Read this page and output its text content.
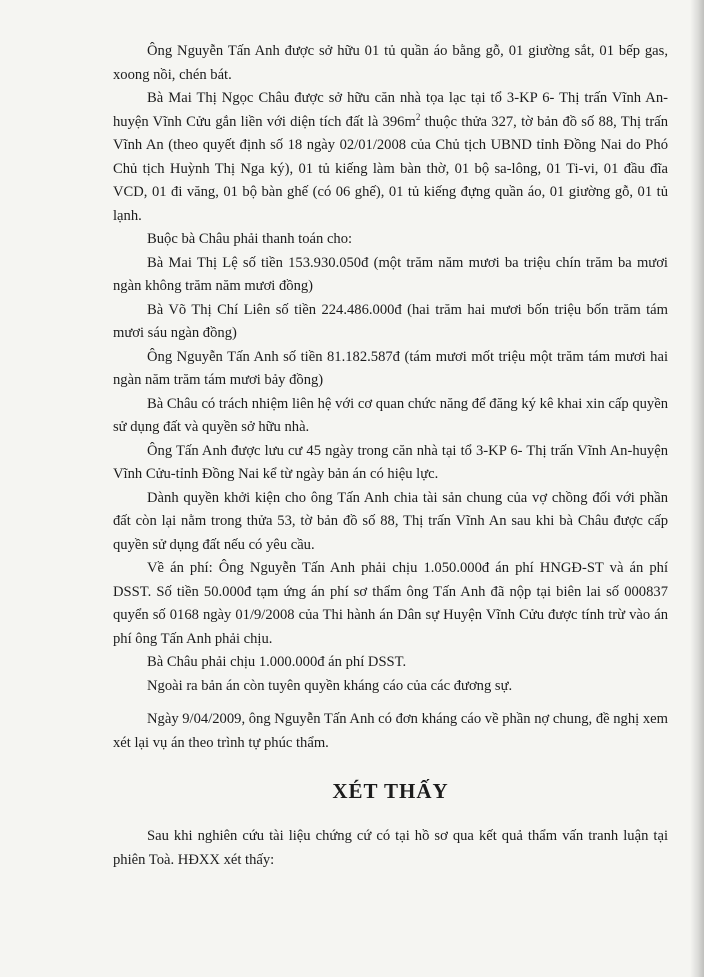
Ông Nguyễn Tấn Anh được sở hữu 01 tủ quần áo bằng gỗ, 01 giường sắt, 01 bếp gas, xoong nồi, chén bát.

Bà Mai Thị Ngọc Châu được sở hữu căn nhà tọa lạc tại tổ 3-KP 6- Thị trấn Vĩnh An-huyện Vĩnh Cửu gắn liền với diện tích đất là $396m^2$ thuộc thửa 327, tờ bản đồ số 88, Thị trấn Vĩnh An (theo quyết định số 18 ngày 02/01/2008 của Chủ tịch UBND tỉnh Đồng Nai do Phó Chủ tịch Huỳnh Thị Nga ký), 01 tủ kiếng làm bàn thờ, 01 bộ sa-lông, 01 Ti-vi, 01 đầu đĩa VCD, 01 đi văng, 01 bộ bàn ghế (có 06 ghế), 01 tủ kiếng đựng quần áo, 01 giường gỗ, 01 tủ lạnh.

Buộc bà Châu phải thanh toán cho:

Bà Mai Thị Lệ số tiền 153.930.050đ (một trăm năm mươi ba triệu chín trăm ba mươi ngàn không trăm năm mươi đồng)

Bà Võ Thị Chí Liên số tiền 224.486.000đ (hai trăm hai mươi bốn triệu bốn trăm tám mươi sáu ngàn đồng)

Ông Nguyễn Tấn Anh số tiền 81.182.587đ (tám mươi mốt triệu một trăm tám mươi hai ngàn năm trăm tám mươi bảy đồng)

Bà Châu có trách nhiệm liên hệ với cơ quan chức năng để đăng ký kê khai xin cấp quyền sử dụng đất và quyền sở hữu nhà.

Ông Tấn Anh được lưu cư 45 ngày trong căn nhà tại tổ 3-KP 6- Thị trấn Vĩnh An-huyện Vĩnh Cửu-tỉnh Đồng Nai kể từ ngày bản án có hiệu lực.

Dành quyền khởi kiện cho ông Tấn Anh chia tài sản chung của vợ chồng đối với phần đất còn lại nằm trong thửa 53, tờ bản đồ số 88, Thị trấn Vĩnh An sau khi bà Châu được cấp quyền sử dụng đất nếu có yêu cầu.

Về án phí: Ông Nguyễn Tấn Anh phải chịu 1.050.000đ án phí HNGĐ-ST và án phí DSST. Số tiền 50.000đ tạm ứng án phí sơ thẩm ông Tấn Anh đã nộp tại biên lai số 000837 quyển số 0168 ngày 01/9/2008 của Thi hành án Dân sự Huyện Vĩnh Cửu được tính trừ vào án phí ông Tấn Anh phải chịu.

Bà Châu phải chịu 1.000.000đ án phí DSST.

Ngoài ra bản án còn tuyên quyền kháng cáo của các đương sự.

Ngày 9/04/2009, ông Nguyễn Tấn Anh có đơn kháng cáo về phần nợ chung, đề nghị xem xét lại vụ án theo trình tự phúc thẩm.

XÉT THẤY

Sau khi nghiên cứu tài liệu chứng cứ có tại hồ sơ qua kết quả thẩm vấn tranh luận tại phiên Toà. HĐXX xét thấy:
